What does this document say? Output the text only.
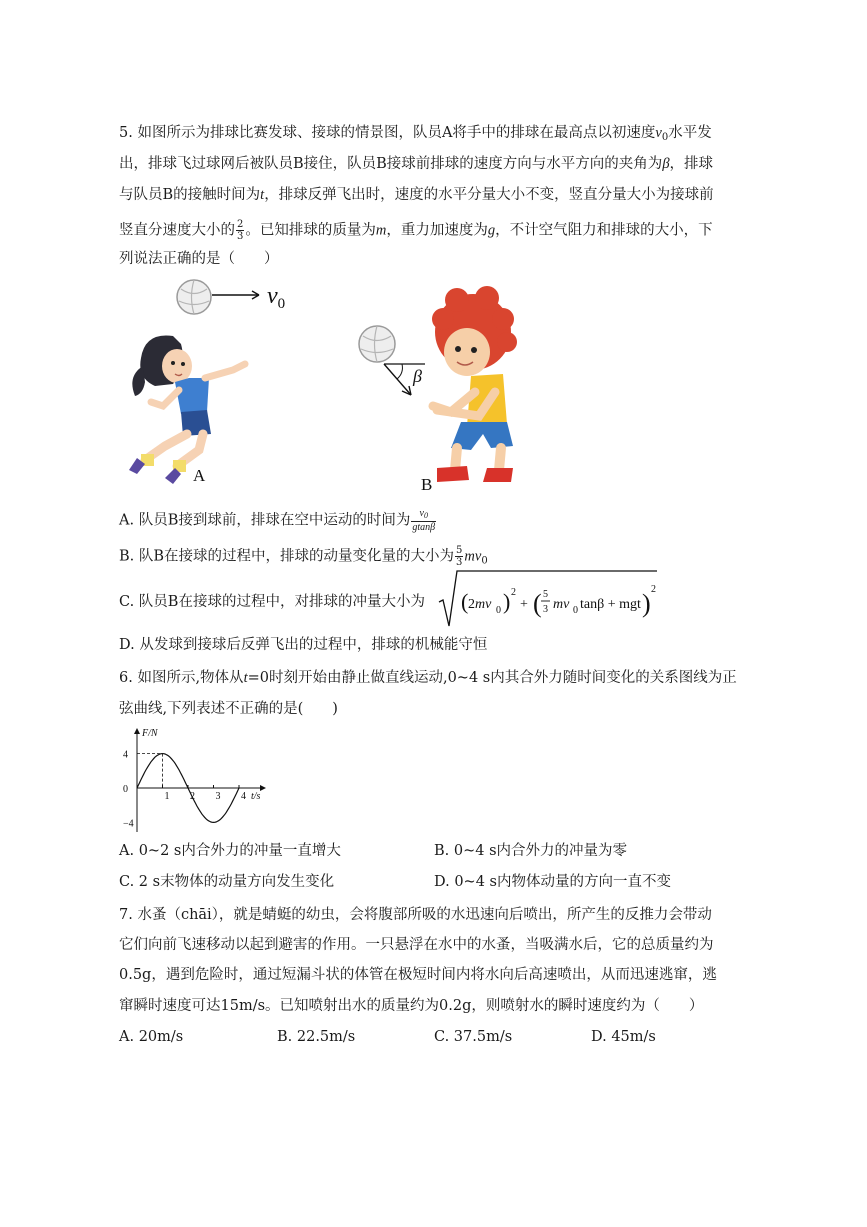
5. 如图所示为排球比赛发球、接球的情景图，队员A将手中的排球在最高点以初速度$v_0$水平发
出，排球飞过球网后被队员B接住，队员B接球前排球的速度方向与水平方向的夹角为β，排球
与队员B的接触时间为t，排球反弹飞出时，速度的水平分量大小不变，竖直分量大小为接球前
竖直分速度大小的 $\frac{2}{3}$ 。已知排球的质量为m，重力加速度为g，不计空气阻力和排球的大小，下
列说法正确的是（　　）
$v_0$
A
β
B
A. 队员B接到球前，排球在空中运动的时间为 $\frac{v_0}{gtan\beta}$
B. 队B在接球的过程中，排球的动量变化量的大小为 $\frac{5}{3} mv_0$
C. 队员B在接球的过程中，对排球的冲量大小为 ( 2mv 0 ) 2
+ ( 5
3 mv 0 tanβ + mgt ) 2
D. 从发球到接球后反弹飞出的过程中，排球的机械能守恒
6. 如图所示,物体从t=0时刻开始由静止做直线运动,0~4 s内其合外力随时间变化的关系图线为正
弦曲线,下列表述不正确的是(　　)
F/N
t/s
1 2 3 4
4
0
−4
A. 0~2 s内合外力的冲量一直增大	B. 0~4 s内合外力的冲量为零
C. 2 s末物体的动量方向发生变化	D. 0~4 s内物体动量的方向一直不变
7. 水蚤（chāi），就是蜻蜓的幼虫，会将腹部所吸的水迅速向后喷出，所产生的反推力会带动
它们向前飞速移动以起到避害的作用。一只悬浮在水中的水蚤，当吸满水后，它的总质量约为
0.5g，遇到危险时，通过短漏斗状的体管在极短时间内将水向后高速喷出，从而迅速逃窜，逃
窜瞬时速度可达15m/s。已知喷射出水的质量约为0.2g，则喷射水的瞬时速度约为（　　）
A. 20m/s	B. 22.5m/s	C. 37.5m/s	D. 45m/s
